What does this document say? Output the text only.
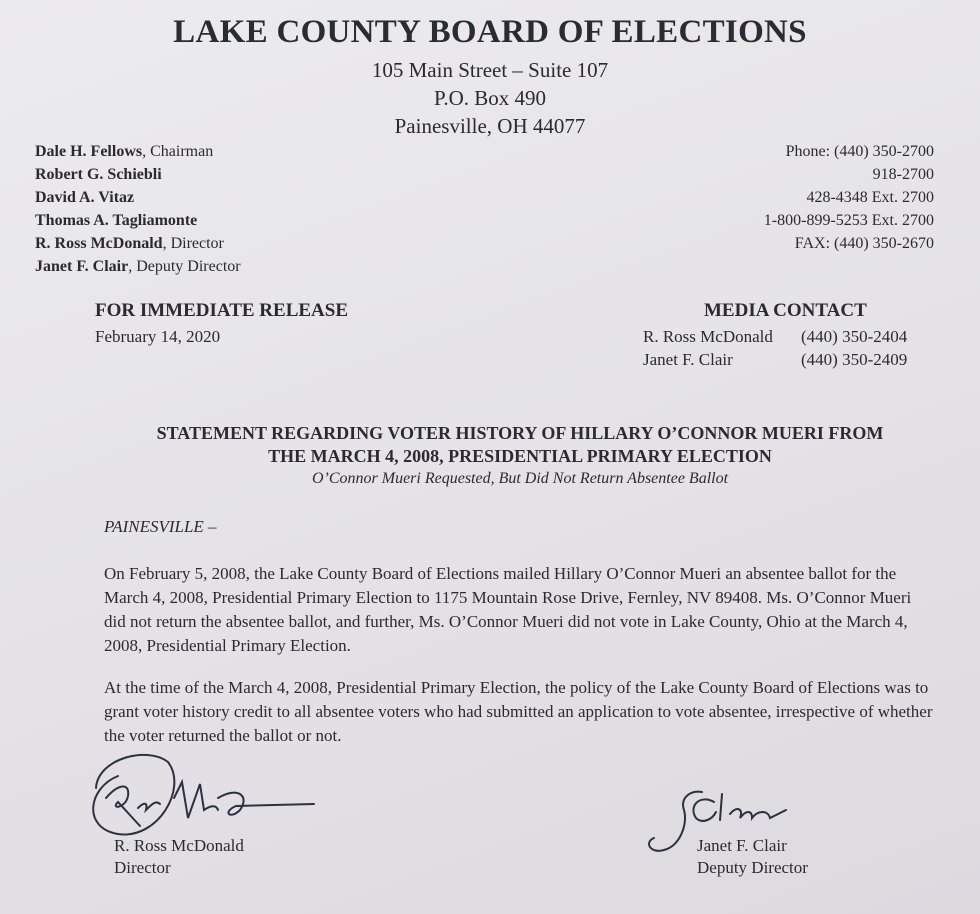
LAKE COUNTY BOARD OF ELECTIONS
105 Main Street – Suite 107
P.O. Box 490
Painesville, OH 44077
Dale H. Fellows, Chairman
Robert G. Schiebli
David A. Vitaz
Thomas A. Tagliamonte
R. Ross McDonald, Director
Janet F. Clair, Deputy Director
Phone: (440) 350-2700
918-2700
428-4348 Ext. 2700
1-800-899-5253 Ext. 2700
FAX: (440) 350-2670
FOR IMMEDIATE RELEASE
February 14, 2020
MEDIA CONTACT
R. Ross McDonald (440) 350-2404
Janet F. Clair	(440) 350-2409
STATEMENT REGARDING VOTER HISTORY OF HILLARY O’CONNOR MUERI FROM
THE MARCH 4, 2008, PRESIDENTIAL PRIMARY ELECTION
O’Connor Mueri Requested, But Did Not Return Absentee Ballot
PAINESVILLE –
On February 5, 2008, the Lake County Board of Elections mailed Hillary O’Connor Mueri an absentee ballot for the March 4, 2008, Presidential Primary Election to 1175 Mountain Rose Drive, Fernley, NV 89408. Ms. O’Connor Mueri did not return the absentee ballot, and further, Ms. O’Connor Mueri did not vote in Lake County, Ohio at the March 4, 2008, Presidential Primary Election.
At the time of the March 4, 2008, Presidential Primary Election, the policy of the Lake County Board of Elections was to grant voter history credit to all absentee voters who had submitted an application to vote absentee, irrespective of whether the voter returned the ballot or not.
R. Ross McDonald
Director
Janet F. Clair
Deputy Director
